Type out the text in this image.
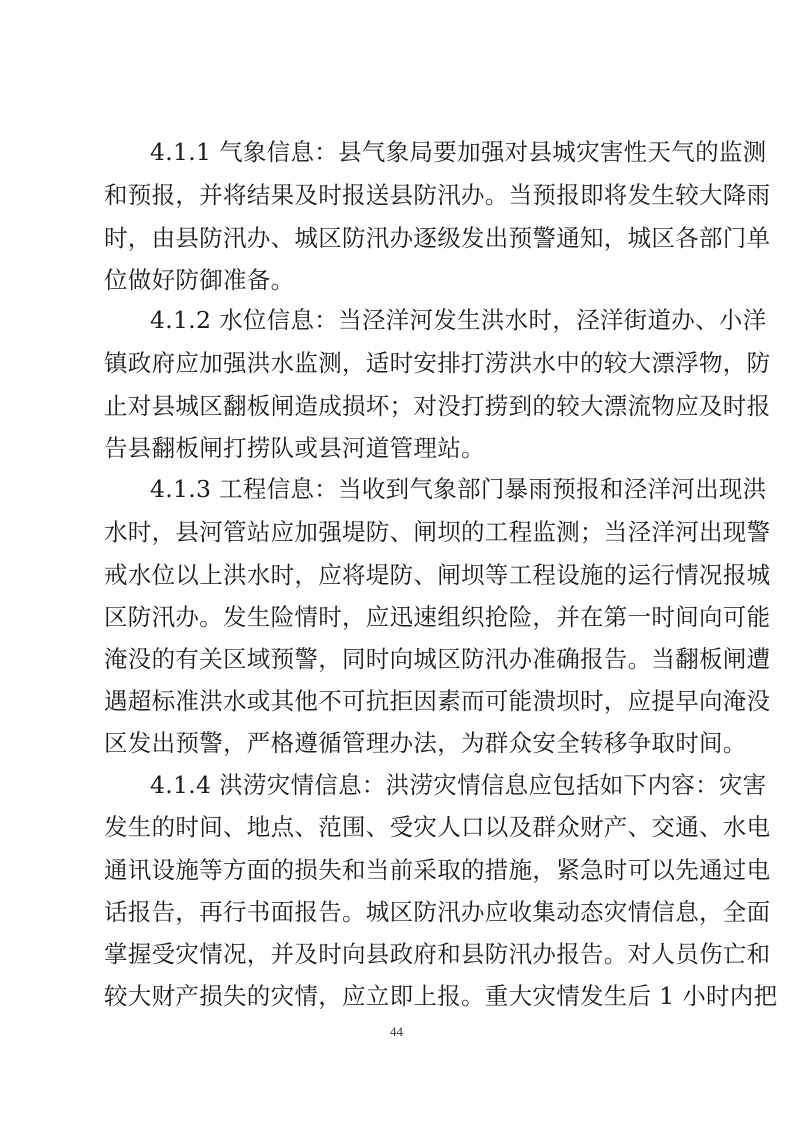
4.1.1 气象信息：县气象局要加强对县城灾害性天气的监测
和预报，并将结果及时报送县防汛办。当预报即将发生较大降雨
时，由县防汛办、城区防汛办逐级发出预警通知，城区各部门单
位做好防御准备。
4.1.2 水位信息：当泾洋河发生洪水时，泾洋街道办、小洋
镇政府应加强洪水监测，适时安排打涝洪水中的较大漂浮物，防
止对县城区翻板闸造成损坏；对没打捞到的较大漂流物应及时报
告县翻板闸打捞队或县河道管理站。
4.1.3 工程信息：当收到气象部门暴雨预报和泾洋河出现洪
水时，县河管站应加强堤防、闸坝的工程监测；当泾洋河出现警
戒水位以上洪水时，应将堤防、闸坝等工程设施的运行情况报城
区防汛办。发生险情时，应迅速组织抢险，并在第一时间向可能
淹没的有关区域预警，同时向城区防汛办准确报告。当翻板闸遭
遇超标准洪水或其他不可抗拒因素而可能溃坝时，应提早向淹没
区发出预警，严格遵循管理办法，为群众安全转移争取时间。
4.1.4 洪涝灾情信息：洪涝灾情信息应包括如下内容：灾害
发生的时间、地点、范围、受灾人口以及群众财产、交通、水电
通讯设施等方面的损失和当前采取的措施，紧急时可以先通过电
话报告，再行书面报告。城区防汛办应收集动态灾情信息，全面
掌握受灾情况，并及时向县政府和县防汛办报告。对人员伤亡和
较大财产损失的灾情，应立即上报。重大灾情发生后 1 小时内把
44
